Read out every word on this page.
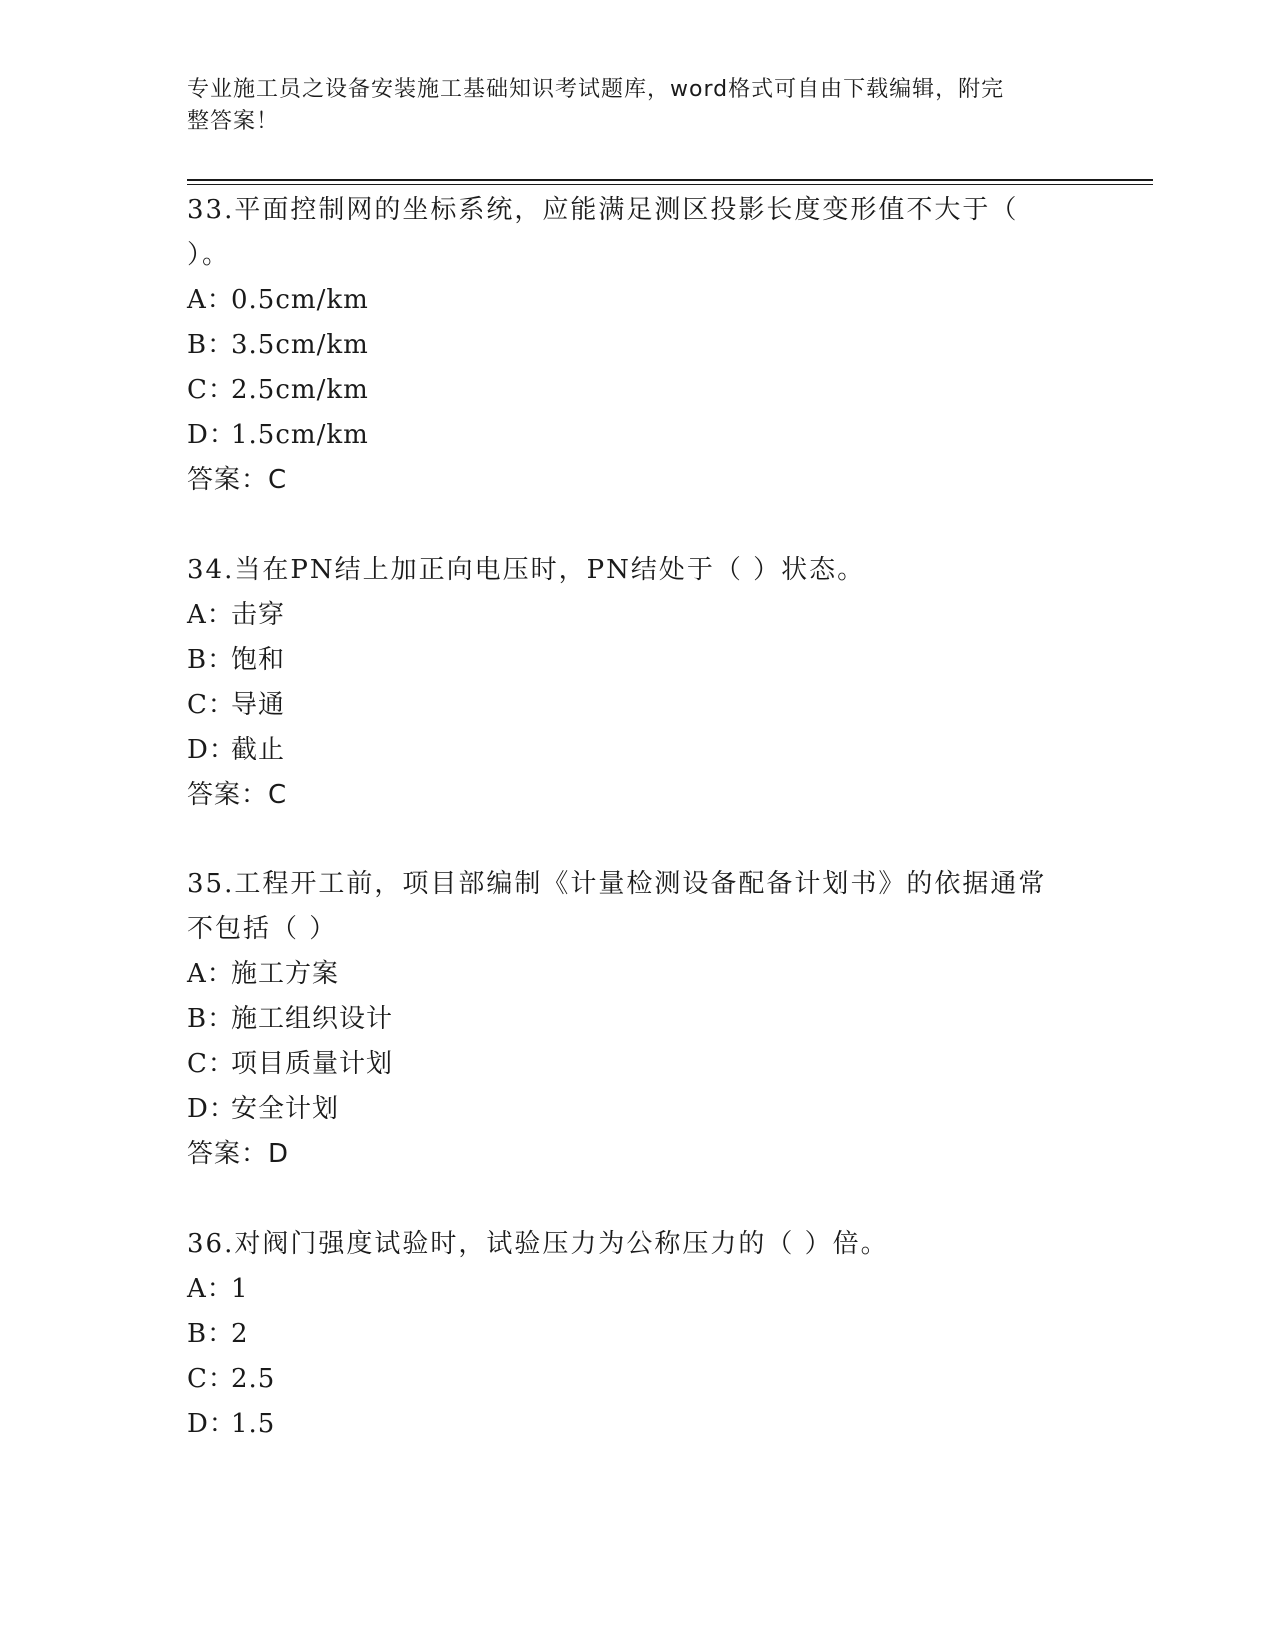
专业施工员之设备安装施工基础知识考试题库，word格式可自由下载编辑，附完
整答案！

33.平面控制网的坐标系统，应能满足测区投影长度变形值不大于（

）。

A：0.5cm/km

B：3.5cm/km

C：2.5cm/km

D：1.5cm/km

答案：C

34.当在PN结上加正向电压时，PN结处于（ ）状态。

A：击穿

B：饱和

C：导通

D：截止

答案：C

35.工程开工前，项目部编制《计量检测设备配备计划书》的依据通常

不包括（ ）

A：施工方案

B：施工组织设计

C：项目质量计划

D：安全计划

答案：D

36.对阀门强度试验时，试验压力为公称压力的（ ）倍。

A：1

B：2

C：2.5

D：1.5
